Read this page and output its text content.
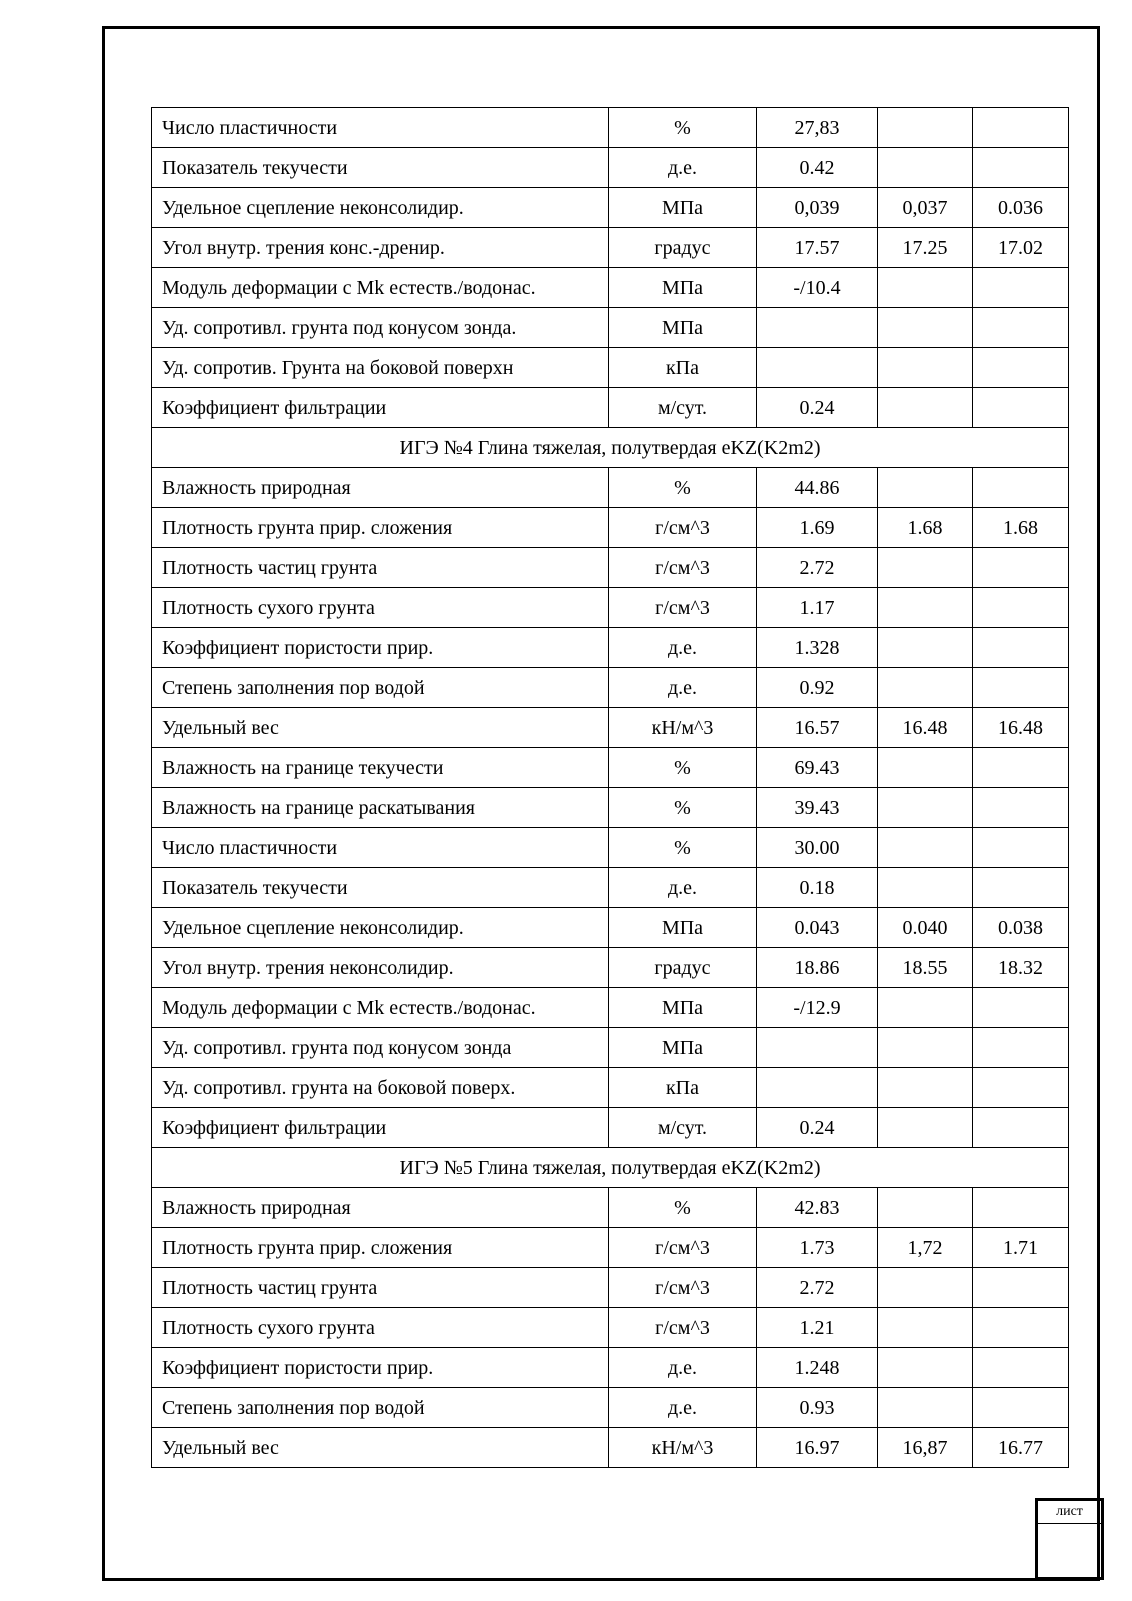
Число пластичности	%	27,83		
Показатель текучести	д.е.	0.42		
Удельное сцепление неконсолидир.	МПа	0,039	0,037	0.036
Угол внутр. трения конс.-дренир.	градус	17.57	17.25	17.02
Модуль деформации с Mk естеств./водонас.	МПа	-/10.4		
Уд. сопротивл. грунта под конусом зонда.	МПа			
Уд. сопротив. Грунта на боковой поверхн	кПа			
Коэффициент фильтрации	м/сут.	0.24		
ИГЭ №4 Глина тяжелая, полутвердая eKZ(K2m2)				
Влажность природная	%	44.86		
Плотность грунта прир. сложения	г/см^3	1.69	1.68	1.68
Плотность частиц грунта	г/см^3	2.72		
Плотность сухого грунта	г/см^3	1.17		
Коэффициент пористости прир.	д.е.	1.328		
Степень заполнения пор водой	д.е.	0.92		
Удельный вес	кН/м^3	16.57	16.48	16.48
Влажность на границе текучести	%	69.43		
Влажность на границе раскатывания	%	39.43		
Число пластичности	%	30.00		
Показатель текучести	д.е.	0.18		
Удельное сцепление неконсолидир.	МПа	0.043	0.040	0.038
Угол внутр. трения неконсолидир.	градус	18.86	18.55	18.32
Модуль деформации с Mk естеств./водонас.	МПа	-/12.9		
Уд. сопротивл. грунта под конусом зонда	МПа			
Уд. сопротивл. грунта на боковой поверх.	кПа			
Коэффициент фильтрации	м/сут.	0.24		
ИГЭ №5 Глина тяжелая, полутвердая eKZ(K2m2)				
Влажность природная	%	42.83		
Плотность грунта прир. сложения	г/см^3	1.73	1,72	1.71
Плотность частиц грунта	г/см^3	2.72		
Плотность сухого грунта	г/см^3	1.21		
Коэффициент пористости прир.	д.е.	1.248		
Степень заполнения пор водой	д.е.	0.93		
Удельный вес	кН/м^3	16.97	16,87	16.77
лист
